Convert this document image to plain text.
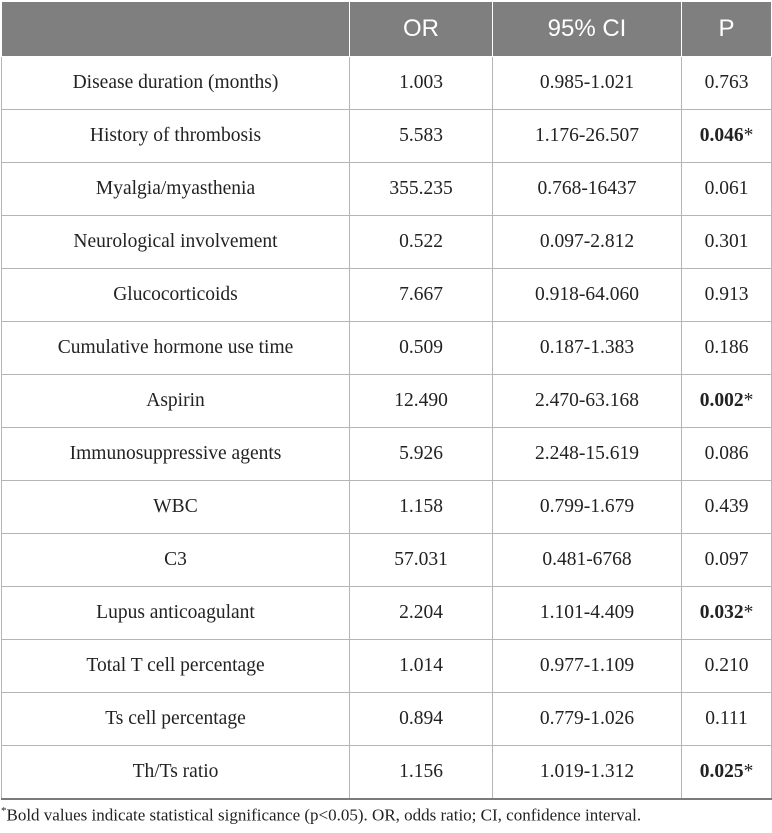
	OR	95% CI	P
Disease duration (months)	1.003	0.985-1.021	0.763
History of thrombosis	5.583	1.176-26.507	0.046*
Myalgia/myasthenia	355.235	0.768-16437	0.061
Neurological involvement	0.522	0.097-2.812	0.301
Glucocorticoids	7.667	0.918-64.060	0.913
Cumulative hormone use time	0.509	0.187-1.383	0.186
Aspirin	12.490	2.470-63.168	0.002*
Immunosuppressive agents	5.926	2.248-15.619	0.086
WBC	1.158	0.799-1.679	0.439
C3	57.031	0.481-6768	0.097
Lupus anticoagulant	2.204	1.101-4.409	0.032*
Total T cell percentage	1.014	0.977-1.109	0.210
Ts cell percentage	0.894	0.779-1.026	0.111
Th/Ts ratio	1.156	1.019-1.312	0.025*
*Bold values indicate statistical significance (p<0.05). OR, odds ratio; CI, confidence interval.
